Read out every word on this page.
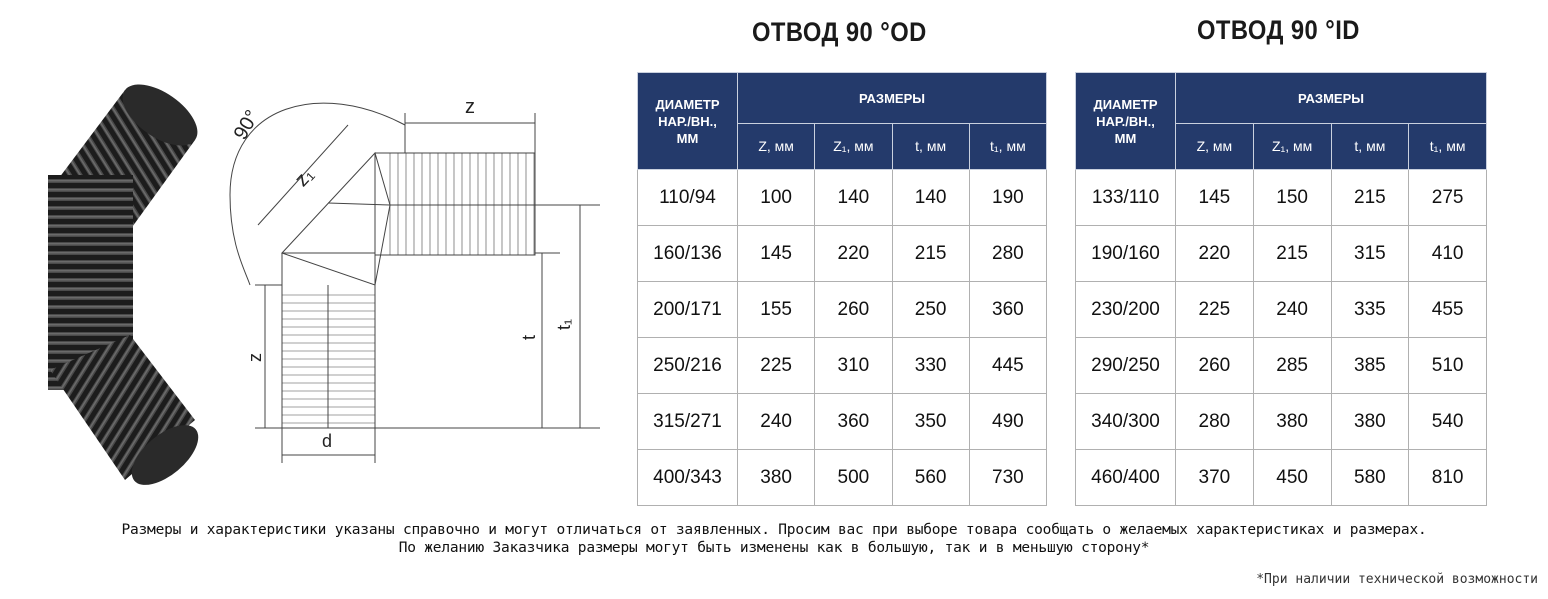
90°	z
z₁
z
t
t₁
d
ОТВОД 90 °OD	ОТВОД 90 °ID
ДИАМЕТР
НАР./ВН.,
ММ	РАЗМЕРЫ			
	Z, мм	Z₁, мм	t, мм	t₁, мм
110/94	100	140	140	190
160/136	145	220	215	280
200/171	155	260	250	360
250/216	225	310	330	445
315/271	240	360	350	490
400/343	380	500	560	730
ДИАМЕТР
НАР./ВН.,
ММ	РАЗМЕРЫ			
	Z, мм	Z₁, мм	t, мм	t₁, мм
133/110	145	150	215	275
190/160	220	215	315	410
230/200	225	240	335	455
290/250	260	285	385	510
340/300	280	380	380	540
460/400	370	450	580	810
Размеры и характеристики указаны справочно и могут отличаться от заявленных. Просим вас при выборе товара сообщать о желаемых характеристиках и размерах.
По желанию Заказчика размеры могут быть изменены как в большую, так и в меньшую сторону*
*При наличии технической возможности
